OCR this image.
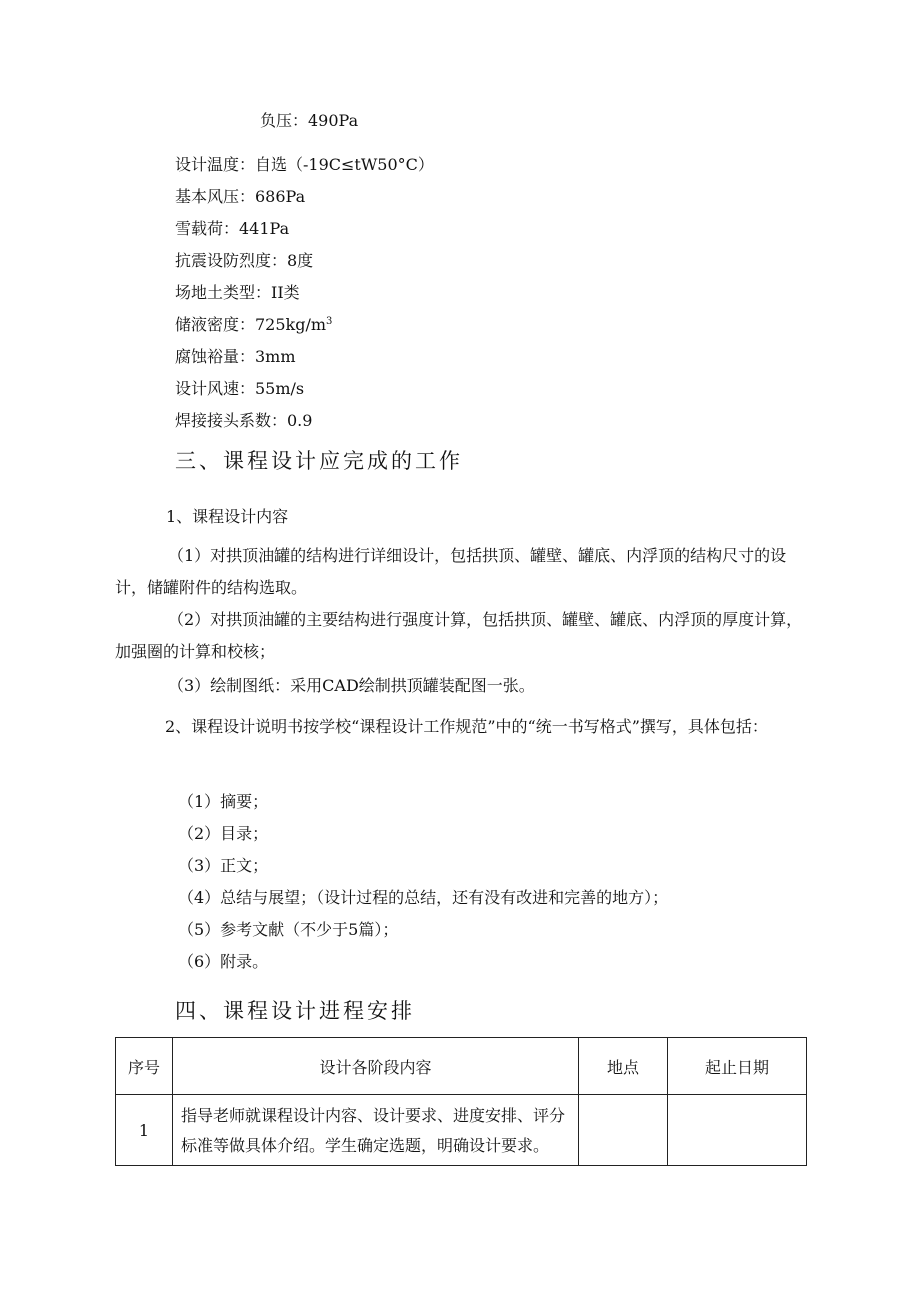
负压：490Pa
设计温度：自选（-19C≤tW50°C）
基本风压：686Pa
雪载荷：441Pa
抗震设防烈度：8度
场地土类型：II类
储液密度：$725kg/m^3$
腐蚀裕量：3mm
设计风速：55m/s
焊接接头系数：0.9
三、课程设计应完成的工作
1、课程设计内容
（1）对拱顶油罐的结构进行详细设计，包括拱顶、罐壁、罐底、内浮顶的结构尺寸的设计，储罐附件的结构选取。
（2）对拱顶油罐的主要结构进行强度计算，包括拱顶、罐壁、罐底、内浮顶的厚度计算，加强圈的计算和校核；
（3）绘制图纸：采用CAD绘制拱顶罐装配图一张。
2、课程设计说明书按学校“课程设计工作规范”中的“统一书写格式”撰写，具体包括：
（1）摘要；
（2）目录；
（3）正文；
（4）总结与展望；（设计过程的总结，还有没有改进和完善的地方）；
（5）参考文献（不少于5篇）；
（6）附录。
四、课程设计进程安排
序号	设计各阶段内容	地点	起止日期
1	指导老师就课程设计内容、设计要求、进度安排、评分标准等做具体介绍。学生确定选题，明确设计要求。		
